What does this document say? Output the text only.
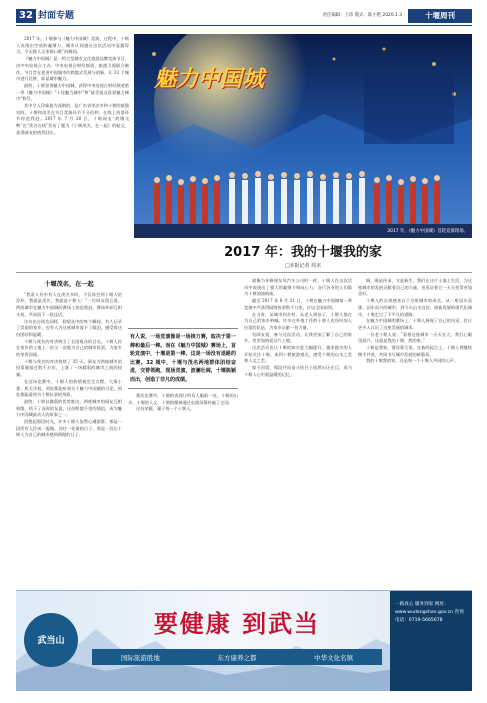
32 封面专题	责任编辑：王玮 版式：陈小艳 2020.1.3	十堰周刊

2017 年，十堰参与《魅力中国城》竞演，过程中，十堰人表现出空前的凝聚力，城市认同感在这次活动中显露得当，令无数人记来都曰难”的瞬间。

《魅力中国城》是一档大型城市文化旅游品牌竞演节目，由中央电视台主办，中央电视台财经频道、旅游卫视联合制作。节目旨在促进中国城市的跨越式发展与创新，让 32 个城市进行比拼，彰显城市魅力。

最终，十堰登顶魅力中国城，获得中央电视台财经频道第一季《魅力中国城》“十佳魅力城市”和“最受观众喜爱魅力城市”称号。

其中令人印象最为深刻的，是广东省茂名市和十堰的最强对阵，十堰和茂名在节目竞演环节不分伯仲，在线上投票环节你追我赶。2017 年 7 月 20 日，十堰网友“荷塘飞鸭”在“茂名在线”发布了题为《十堰茂名，在一起》的帖文，获得网友的热烈回应。

魅力中国城
2017 年，《魅力中国城》首轮竞演现场。
2017 年：我的十堰我的家
□本报记者 周末
十堰茂名，在一起

“我看人有中有人在茂名多时，不仅体会到十堰人的淳朴，我就是茂名，我就是十堰人！”一位网友留言道。两座城市在魅力中国城的赛场上你追我赶，赛场外却互相支持，共同留下一段佳话。

这句出自周边同样，仰望从中的每个瞬间，有人记录了美丽的家乡，也有人为这座城市流下了眼泪，感受着这份团结和温暖。

十堰与茂名的对决吸引了全国观众的目光。十堰人民在家乡的土地上一次又一次地为自己的城市投票，为家乡的荣誉而战。

十堰与茂名的对决持续了 35 天，网友为两座城市的投票量超过数千万次，上演了一场精彩的城市之间的较量。

在这场竞赛中，十堰人的热情被完全点燃。大街小巷、机关学校，到处都能听到关于魅力中国城的讨论，到处都能看到为十堰拉票的身影。

最终，十堰以微弱的优势胜出，两座城市的网友互相致敬，结下了深厚的友谊。这份跨越千里的情谊，成为魅力中国城最动人的故事之一。

回想起那段时光，许多十堰人依然心潮澎湃。那是一段所有人拧成一股绳、劲往一处使的日子，那是一段让十堰人为自己的城市感到骄傲的日子。

有人说，一场竞演像是一场接力赛，取决于第一棒和最后一棒。而在《魅力中国城》赛场上，首轮竞演中，十堰是第一棒，这是一场没有退路的比赛。32 城中，十堰与茂名两地群体团结奋进，交替领跑，现场竞演，波澜壮阔，十堰脱颖而出，创造了非凡的成绩。

那次比赛中，十堰的表现让所有人眼前一亮，十堰的山水、十堰的人文、十堰的精神通过电视屏幕传遍了全国。

这份荣耀，属于每一个十堰人。

就像当年修建东风汽车公司时一样，十堰人在这次活动中表现出了强大的凝聚力和向心力，各行各业的人们都为十堰加油助威。

截至 2017 年 8 月 21 日，十堰在魅力中国城第一季竞演中共获得网络投票数千万张，位居全国前列。

在当时，从城市到乡村，从老人到孩子，十堰人都在为自己的家乡呐喊。许多在外地工作的十堰人也纷纷加入拉票的队伍，为家乡贡献一份力量。

有网友说，参与这次活动，让我更加了解了自己的家乡，也更加热爱这片土地。

这次活动也让十堰的知名度大幅提升，越来越多的人开始关注十堰，来到十堰旅游观光，感受十堰的山水之美和人文之美。

如今回望，那段共同奋斗的日子依然历历在目，成为十堰人心中最温暖的记忆。

城，既是传承，又是新生。我们在这片土地上生活，为这座城市的发展贡献着自己的力量，也见证着它一天天变得更加美好。

十堰人的自豪感来自于这座城市的成长。从一座因车而建、因车而兴的城市，到今天山水宜居、创新发展的现代化城市，十堰走过了不平凡的道路。

在魅力中国城的赛场上，十堰人展现了自己的风采，也让更多人认识了这座美丽的城市。

一位老十堰人说：“看着这座城市一天天长大，我打心眼里高兴。这就是我的十堰，我的家。”

十堰是我家，建设靠大家。在新的起点上，十堰人将继续携手并进，共同书写城市发展的新篇章。

我的十堰我的家，这是每一个十堰人共同的心声。

武当山
要健康 到武当
国际旅游胜地	东方康养之都	中华文化名镇
一路真心 服务到家 网址：www.wudangshan.gov.cn 咨询电话：0719-5665678
